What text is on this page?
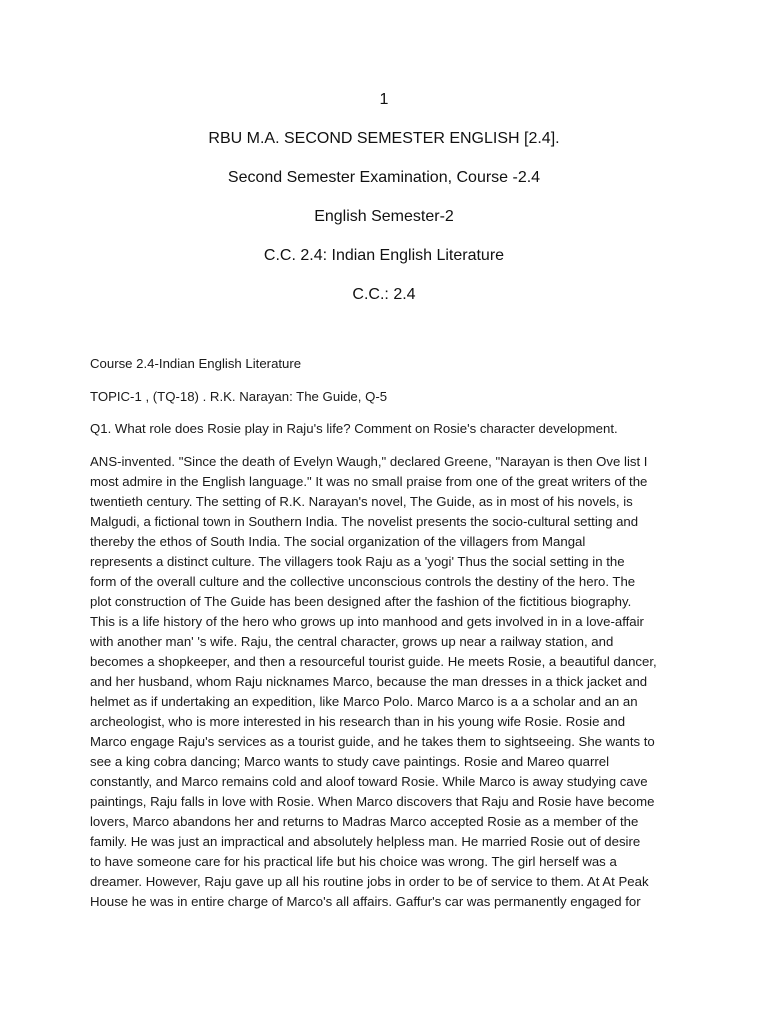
1
RBU M.A. SECOND SEMESTER ENGLISH [2.4].
Second Semester Examination, Course -2.4
English Semester-2
C.C. 2.4: Indian English Literature
C.C.: 2.4

Course 2.4-Indian English Literature

TOPIC-1 , (TQ-18) . R.K. Narayan: The Guide, Q-5

Q1. What role does Rosie play in Raju's life? Comment on Rosie's character development.

ANS-invented. "Since the death of Evelyn Waugh," declared Greene, "Narayan is then Ove list I
most admire in the English language." It was no small praise from one of the great writers of the
twentieth century. The setting of R.K. Narayan's novel, The Guide, as in most of his novels, is
Malgudi, a fictional town in Southern India. The novelist presents the socio-cultural setting and
thereby the ethos of South India. The social organization of the villagers from Mangal
represents a distinct culture. The villagers took Raju as a 'yogi' Thus the social setting in the
form of the overall culture and the collective unconscious controls the destiny of the hero. The
plot construction of The Guide has been designed after the fashion of the fictitious biography.
This is a life history of the hero who grows up into manhood and gets involved in in a love-affair
with another man' 's wife. Raju, the central character, grows up near a railway station, and
becomes a shopkeeper, and then a resourceful tourist guide. He meets Rosie, a beautiful dancer,
and her husband, whom Raju nicknames Marco, because the man dresses in a thick jacket and
helmet as if undertaking an expedition, like Marco Polo. Marco Marco is a a scholar and an an
archeologist, who is more interested in his research than in his young wife Rosie. Rosie and
Marco engage Raju's services as a tourist guide, and he takes them to sightseeing. She wants to
see a king cobra dancing; Marco wants to study cave paintings. Rosie and Mareo quarrel
constantly, and Marco remains cold and aloof toward Rosie. While Marco is away studying cave
paintings, Raju falls in love with Rosie. When Marco discovers that Raju and Rosie have become
lovers, Marco abandons her and returns to Madras Marco accepted Rosie as a member of the
family. He was just an impractical and absolutely helpless man. He married Rosie out of desire
to have someone care for his practical life but his choice was wrong. The girl herself was a
dreamer. However, Raju gave up all his routine jobs in order to be of service to them. At At Peak
House he was in entire charge of Marco's all affairs. Gaffur's car was permanently engaged for
